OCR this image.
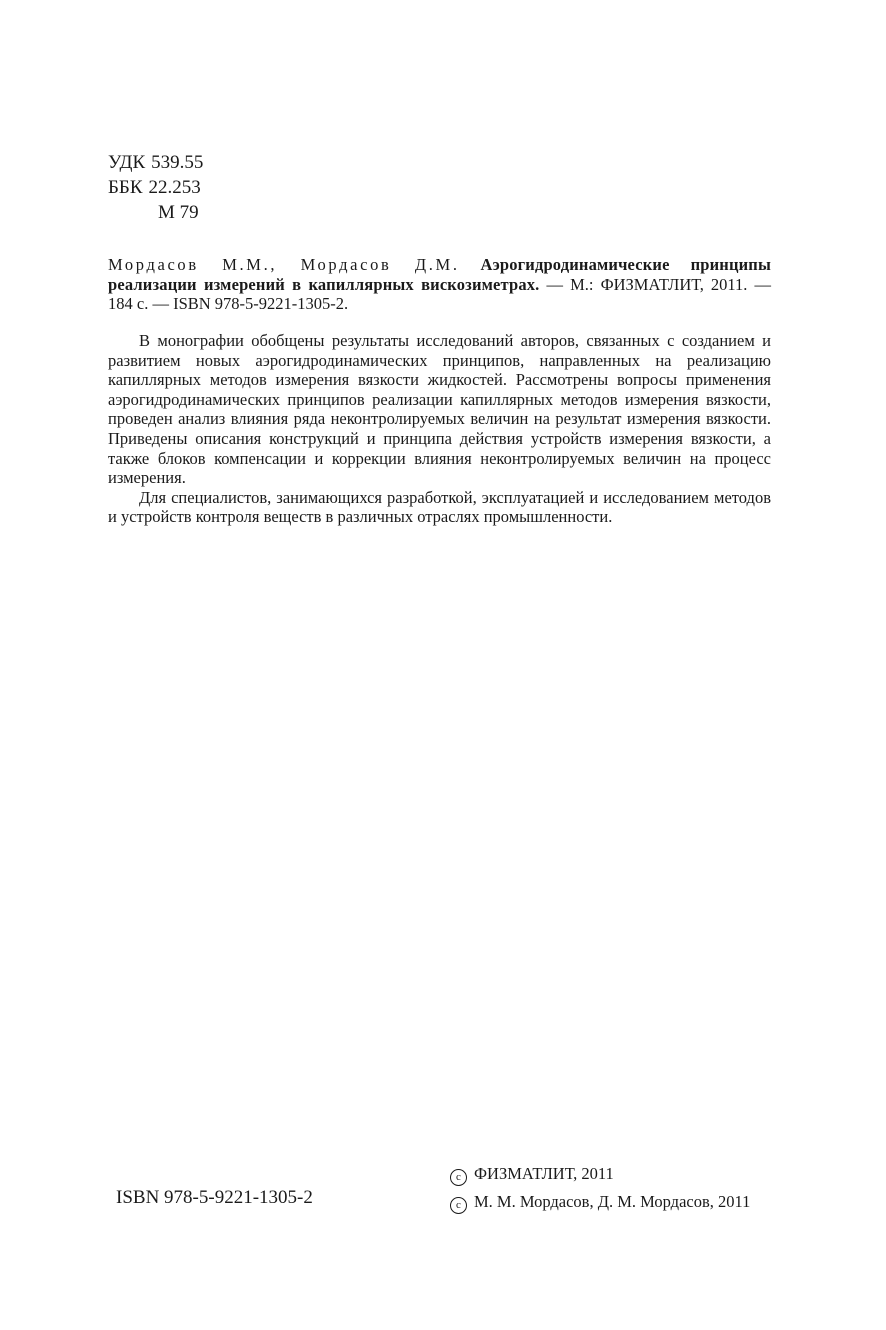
УДК 539.55
ББК 22.253
М 79
Мордасов М.М., Мордасов Д.М. Аэрогидродинамические принципы реализации измерений в капиллярных вискозиметрах. — М.: ФИЗМАТЛИТ, 2011. — 184 с. — ISBN 978-5-9221-1305-2.

В монографии обобщены результаты исследований авторов, связанных с созданием и развитием новых аэрогидродинамических принципов, направленных на реализацию капиллярных методов измерения вязкости жидкостей. Рассмотрены вопросы применения аэрогидродинамических принципов реализации капиллярных методов измерения вязкости, проведен анализ влияния ряда неконтролируемых величин на результат измерения вязкости. Приведены описания конструкций и принципа действия устройств измерения вязкости, а также блоков компенсации и коррекции влияния неконтролируемых величин на процесс измерения.

Для специалистов, занимающихся разработкой, эксплуатацией и исследованием методов и устройств контроля веществ в различных отраслях промышленности.

ISBN 978-5-9221-1305-2
c ФИЗМАТЛИТ, 2011
c М. М. Мордасов, Д. М. Мордасов, 2011
